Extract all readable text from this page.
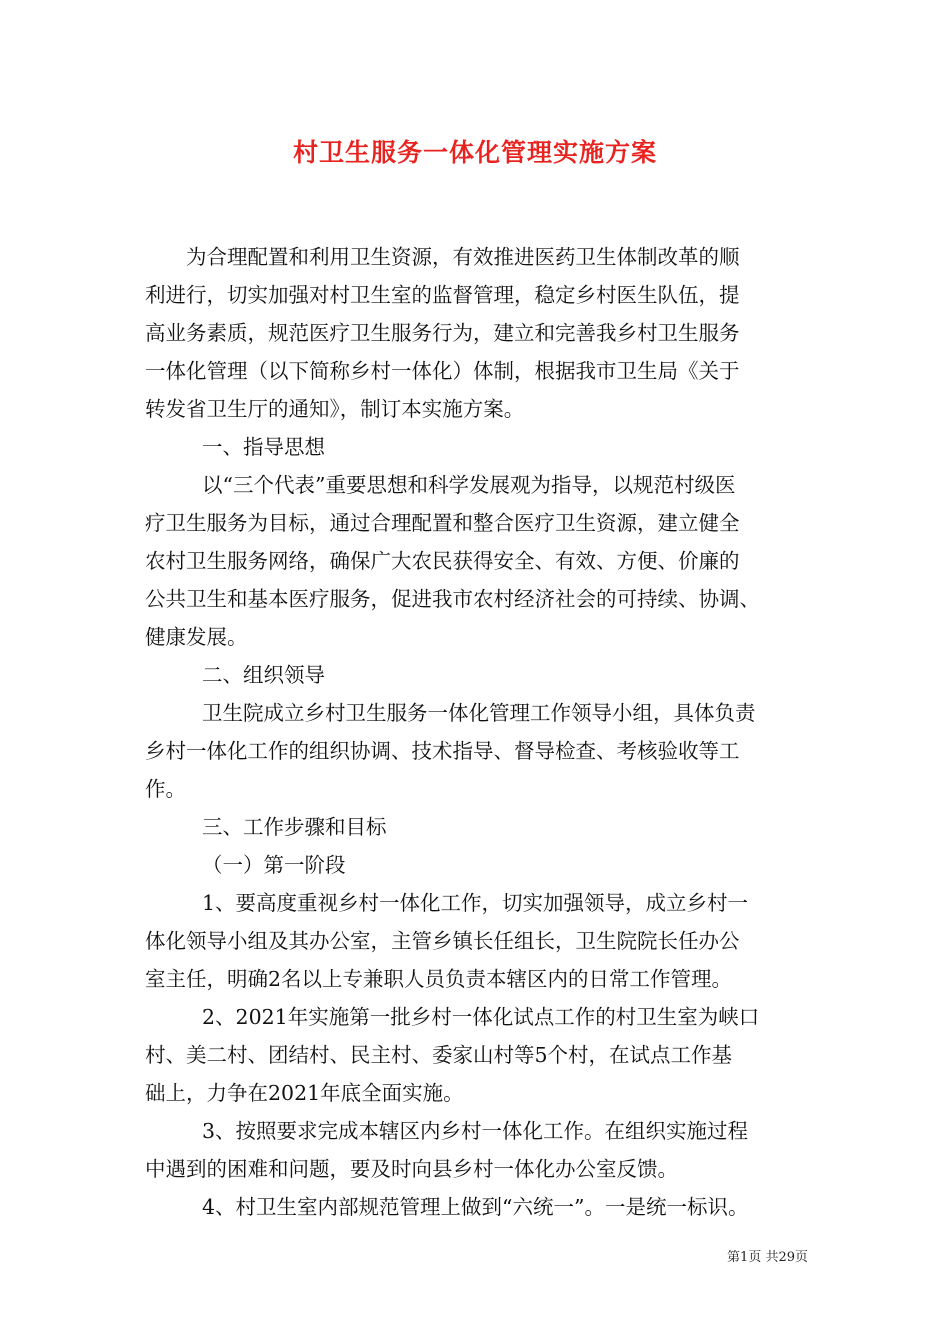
村卫生服务一体化管理实施方案

为合理配置和利用卫生资源，有效推进医药卫生体制改革的顺

利进行，切实加强对村卫生室的监督管理，稳定乡村医生队伍，提

高业务素质，规范医疗卫生服务行为，建立和完善我乡村卫生服务

一体化管理（以下简称乡村一体化）体制，根据我市卫生局《关于

转发省卫生厅的通知》，制订本实施方案。

一、指导思想

以“三个代表”重要思想和科学发展观为指导，以规范村级医

疗卫生服务为目标，通过合理配置和整合医疗卫生资源，建立健全

农村卫生服务网络，确保广大农民获得安全、有效、方便、价廉的

公共卫生和基本医疗服务，促进我市农村经济社会的可持续、协调、

健康发展。

二、组织领导

卫生院成立乡村卫生服务一体化管理工作领导小组，具体负责

乡村一体化工作的组织协调、技术指导、督导检查、考核验收等工

作。

三、工作步骤和目标

（一）第一阶段

1、要高度重视乡村一体化工作，切实加强领导，成立乡村一

体化领导小组及其办公室，主管乡镇长任组长，卫生院院长任办公

室主任，明确2名以上专兼职人员负责本辖区内的日常工作管理。

2、2021年实施第一批乡村一体化试点工作的村卫生室为峡口

村、美二村、团结村、民主村、委家山村等5个村，在试点工作基

础上，力争在2021年底全面实施。

3、按照要求完成本辖区内乡村一体化工作。在组织实施过程

中遇到的困难和问题，要及时向县乡村一体化办公室反馈。

4、村卫生室内部规范管理上做到“六统一”。一是统一标识。

第1页 共29页
